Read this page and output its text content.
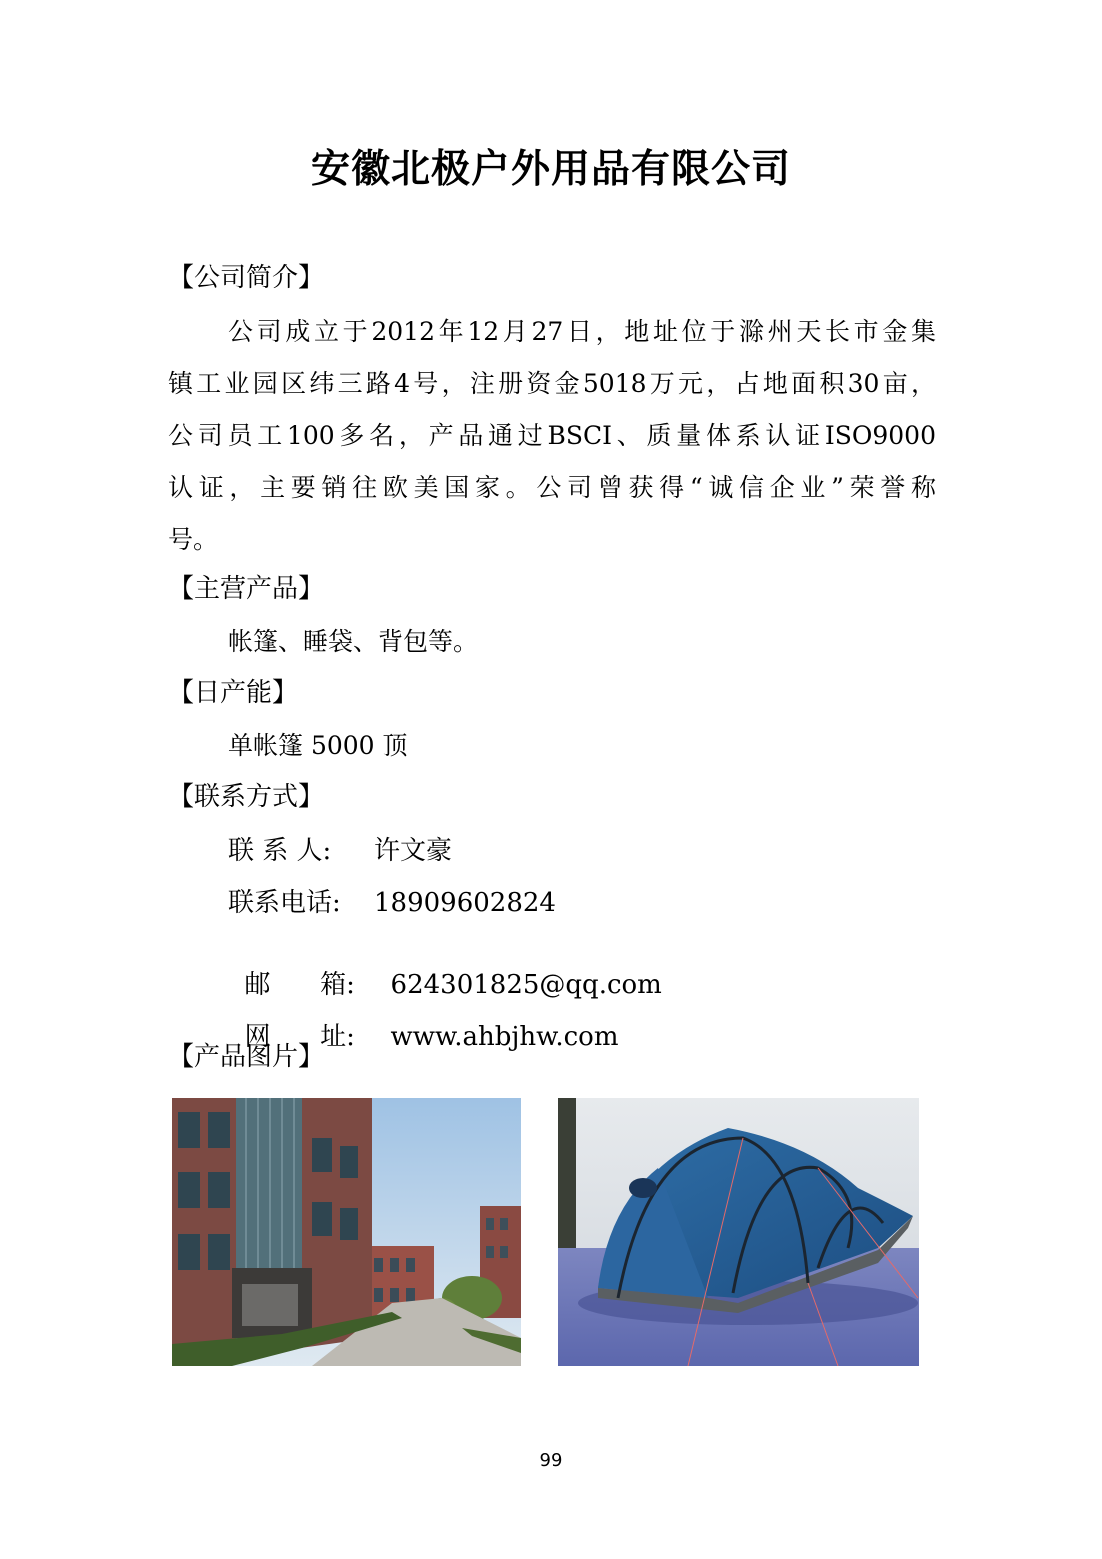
安徽北极户外用品有限公司
【公司简介】

公司成立于2012年12月27日，地址位于滁州天长市金集

镇工业园区纬三路4号，注册资金5018万元，占地面积30亩，

公司员工100多名，产品通过BSCI、质量体系认证ISO9000

认证，主要销往欧美国家。公司曾获得“诚信企业”荣誉称

号。

【主营产品】

帐篷、睡袋、背包等。

【日产能】

单帐篷 5000 顶

【联系方式】
联 系 人: 许文豪
联系电话: 18909602824

邮      箱: 624301825@qq.com

网      址: www.ahbjhw.com

【产品图片】
99
